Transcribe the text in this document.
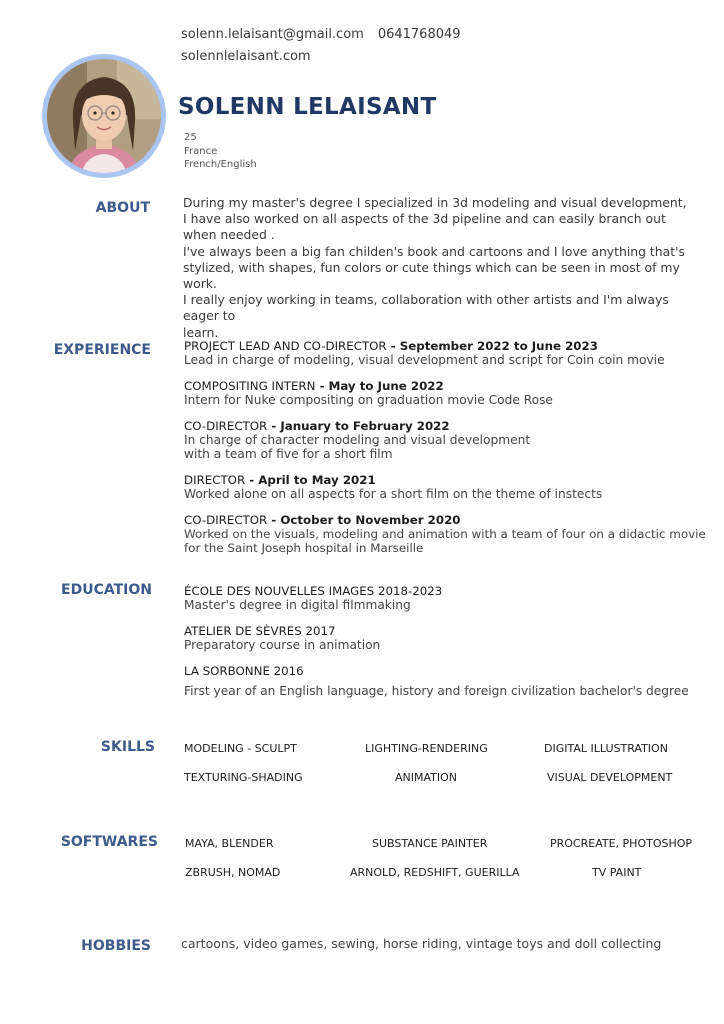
solenn.lelaisant@gmail.com 0641768049
solennlelaisant.com
SOLENN LELAISANT
25
France
French/English
ABOUT	During my master's degree I specialized in 3d modeling and visual development,
I have also worked on all aspects of the 3d pipeline and can easily branch out
when needed .
I've always been a big fan childen's book and cartoons and I love anything that's
stylized, with shapes, fun colors or cute things which can be seen in most of my work.
I really enjoy working in teams, collaboration with other artists and I'm always eager to
learn.
EXPERIENCE	PROJECT LEAD AND CO-DIRECTOR - September 2022 to June 2023
Lead in charge of modeling, visual development and script for Coin coin movie
COMPOSITING INTERN - May to June 2022
Intern for Nuke compositing on graduation movie Code Rose
CO-DIRECTOR - January to February 2022
In charge of character modeling and visual development
with a team of five for a short film
DIRECTOR - April to May 2021
Worked alone on all aspects for a short film on the theme of instects
CO-DIRECTOR - October to November 2020
Worked on the visuals, modeling and animation with a team of four on a didactic movie
for the Saint Joseph hospital in Marseille
EDUCATION	ÉCOLE DES NOUVELLES IMAGES 2018-2023
Master's degree in digital filmmaking
ATELIER DE SÈVRES 2017
Preparatory course in animation
LA SORBONNE 2016
First year of an English language, history and foreign civilization bachelor's degree
SKILLS	MODELING - SCULPT	LIGHTING-RENDERING	DIGITAL ILLUSTRATION
TEXTURING-SHADING	ANIMATION	VISUAL DEVELOPMENT
SOFTWARES MAYA, BLENDER	SUBSTANCE PAINTER	PROCREATE, PHOTOSHOP
ZBRUSH, NOMAD	ARNOLD, REDSHIFT, GUERILLA	TV PAINT
HOBBIES cartoons, video games, sewing, horse riding, vintage toys and doll collecting
